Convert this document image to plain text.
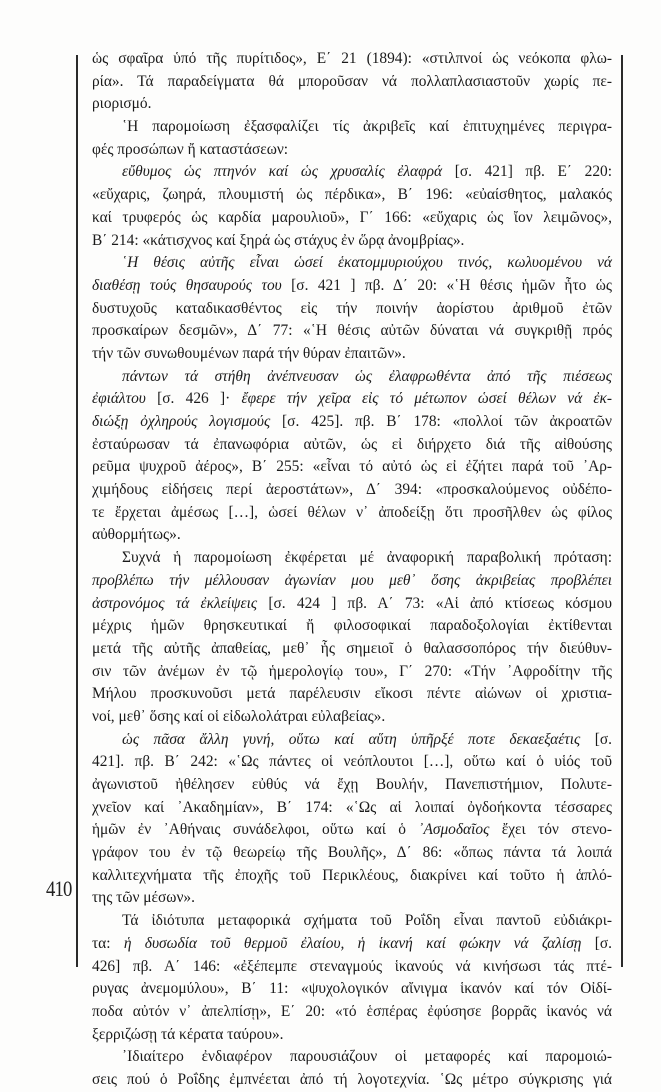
410
ὡς σφαῖρα ὑπό τῆς πυρίτιδος», Ε΄ 21 (1894): «στιλπνοί ὡς νεόκοπα φλω-
ρία». Τά παραδείγματα θά μποροῦσαν νά πολλαπλασιαστοῦν χωρίς πε-
ριορισμό.
῾Η παρομοίωση ἐξασφαλίζει τίς ἀκριβεῖς καί ἐπιτυχημένες περιγρα-
φές προσώπων ἤ καταστάσεων:
εὔθυμος ὡς πτηνόν καί ὡς χρυσαλίς ἐλαφρά [σ. 421] πβ. Ε΄ 220:
«εὔχαρις, ζωηρά, πλουμιστή ὡς πέρδικα», Β΄ 196: «εὐαίσθητος, μαλακός
καί τρυφερός ὡς καρδία μαρουλιοῦ», Γ΄ 166: «εὔχαρις ὡς ἴον λειμῶνος»,
Β΄ 214: «κάτισχνος καί ξηρά ὡς στάχυς ἐν ὥρᾳ ἀνομβρίας».
῾Η θέσις αὐτῆς εἶναι ὡσεί ἑκατομμυριούχου τινός, κωλυομένου νά
διαθέσῃ τούς θησαυρούς του [σ. 421 ] πβ. Δ΄ 20: «῾Η θέσις ἡμῶν ἦτο ὡς
δυστυχοῦς καταδικασθέντος εἰς τήν ποινήν ἀορίστου ἀριθμοῦ ἐτῶν
προσκαίρων δεσμῶν», Δ΄ 77: «῾Η θέσις αὐτῶν δύναται νά συγκριθῇ πρός
τήν τῶν συνωθουμένων παρά τήν θύραν ἐπαιτῶν».
πάντων τά στήθη ἀνέπνευσαν ὡς ἐλαφρωθέντα ἀπό τῆς πιέσεως
ἐφιάλτου [σ. 426 ]· ἔφερε τήν χεῖρα εἰς τό μέτωπον ὡσεί θέλων νά ἐκ-
διώξῃ ὀχληρούς λογισμούς [σ. 425]. πβ. Β΄ 178: «πολλοί τῶν ἀκροατῶν
ἐσταύρωσαν τά ἐπανωφόρια αὐτῶν, ὡς εἰ διήρχετο διά τῆς αἰθούσης
ρεῦμα ψυχροῦ ἀέρος», Β΄ 255: «εἶναι τό αὐτό ὡς εἰ ἐζήτει παρά τοῦ ᾿Αρ-
χιμήδους εἰδήσεις περί ἀεροστάτων», Δ΄ 394: «προσκαλούμενος οὐδέπο-
τε ἔρχεται ἀμέσως […], ὡσεί θέλων ν᾿ ἀποδείξῃ ὅτι προσῆλθεν ὡς φίλος
αὐθορμήτως».
Συχνά ἡ παρομοίωση ἐκφέρεται μέ ἀναφορική παραβολική πρόταση:
προβλέπω τήν μέλλουσαν ἀγωνίαν μου μεθ᾿ ὅσης ἀκριβείας προβλέπει
ἀστρονόμος τά ἐκλείψεις [σ. 424 ] πβ. Α΄ 73: «Αἱ ἀπό κτίσεως κόσμου
μέχρις ἡμῶν θρησκευτικαί ἤ φιλοσοφικαί παραδοξολογίαι ἐκτίθενται
μετά τῆς αὐτῆς ἀπαθείας, μεθ᾿ ἧς σημειοῖ ὁ θαλασσοπόρος τήν διεύθυν-
σιν τῶν ἀνέμων ἐν τῷ ἡμερολογίῳ του», Γ΄ 270: «Τήν ᾿Αφροδίτην τῆς
Μήλου προσκυνοῦσι μετά παρέλευσιν εἴκοσι πέντε αἰώνων οἱ χριστια-
νοί, μεθ᾿ ὅσης καί οἱ εἰδωλολάτραι εὐλαβείας».
ὡς πᾶσα ἄλλη γυνή, οὕτω καί αὕτη ὑπῆρξέ ποτε δεκαεξαέτις [σ.
421]. πβ. Β΄ 242: «῾Ως πάντες οἱ νεόπλουτοι […], οὕτω καί ὁ υἱός τοῦ
ἀγωνιστοῦ ἠθέλησεν εὐθύς νά ἔχῃ Βουλήν, Πανεπιστήμιον, Πολυτε-
χνεῖον καί ᾿Ακαδημίαν», Β΄ 174: «῾Ως αἱ λοιπαί ὀγδοήκοντα τέσσαρες
ἡμῶν ἐν ᾿Αθήναις συνάδελφοι, οὕτω καί ὁ ᾿Ασμοδαῖος ἔχει τόν στενο-
γράφον του ἐν τῷ θεωρείῳ τῆς Βουλῆς», Δ΄ 86: «ὅπως πάντα τά λοιπά
καλλιτεχνήματα τῆς ἐποχῆς τοῦ Περικλέους, διακρίνει καί τοῦτο ἡ ἁπλό-
της τῶν μέσων».
Τά ἰδιότυπα μεταφορικά σχήματα τοῦ Ροΐδη εἶναι παντοῦ εὐδιάκρι-
τα: ἡ δυσωδία τοῦ θερμοῦ ἐλαίου, ἡ ἱκανή καί φώκην νά ζαλίσῃ [σ.
426] πβ. Α΄ 146: «ἐξέπεμπε στεναγμούς ἱκανούς νά κινήσωσι τάς πτέ-
ρυγας ἀνεμομύλου», Β΄ 11: «ψυχολογικόν αἴνιγμα ἱκανόν καί τόν Οἰδί-
ποδα αὐτόν ν᾿ ἀπελπίσῃ», Ε΄ 20: «τό ἑσπέρας ἐφύσησε βορρᾶς ἱκανός νά
ξερριζώσῃ τά κέρατα ταύρου».
᾿Ιδιαίτερο ἐνδιαφέρον παρουσιάζουν οἱ μεταφορές καί παρομοιώ-
σεις πού ὁ Ροΐδης ἐμπνέεται ἀπό τή λογοτεχνία. ῾Ως μέτρο σύγκρισης γιά
